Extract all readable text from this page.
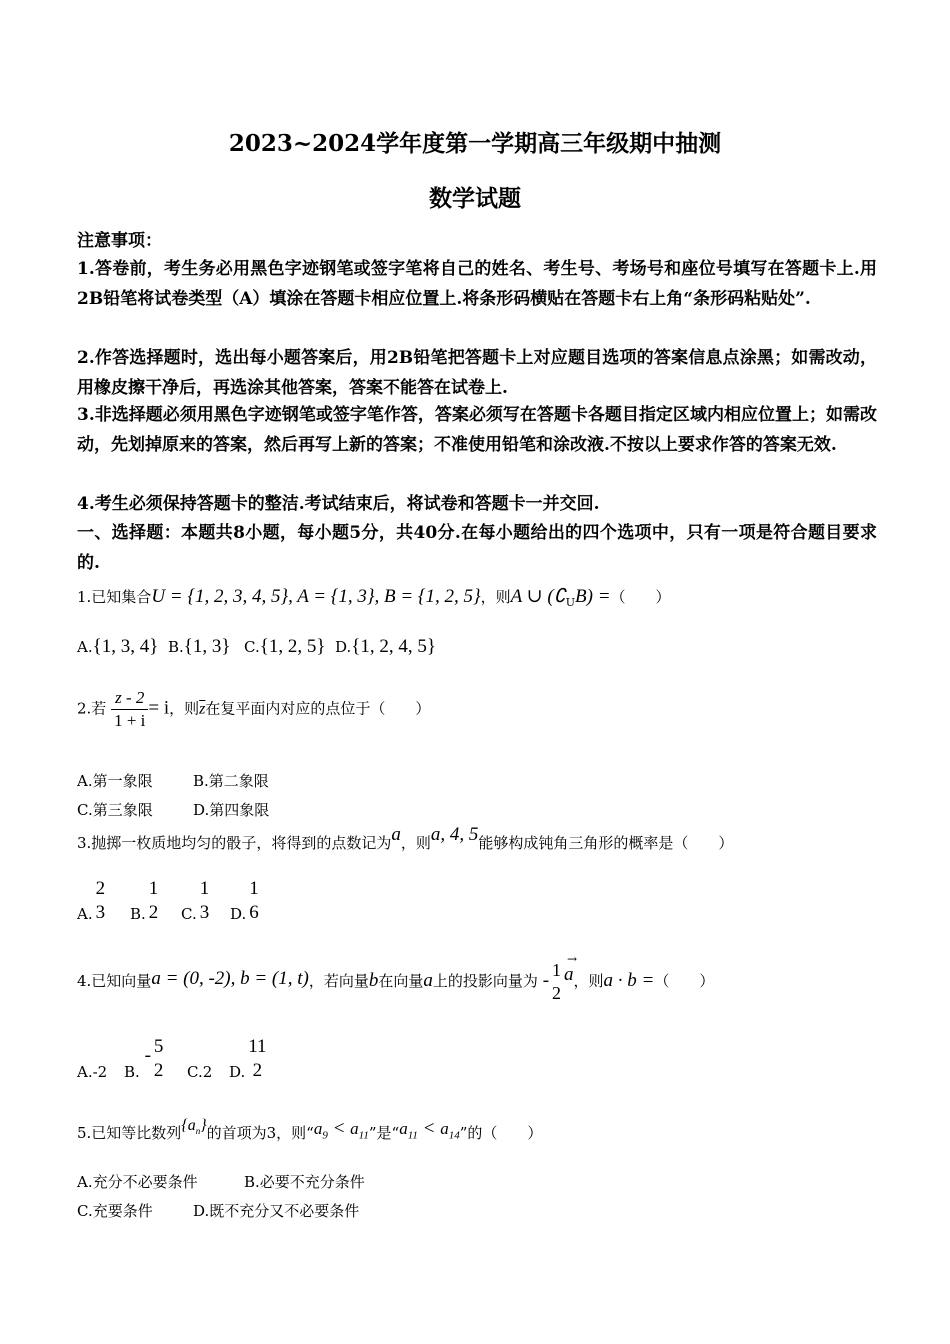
2023~2024学年度第一学期高三年级期中抽测
数学试题
注意事项：
1.答卷前，考生务必用黑色字迹钢笔或签字笔将自己的姓名、考生号、考场号和座位号填写在答题卡上.用2B铅笔将试卷类型（A）填涂在答题卡相应位置上.将条形码横贴在答题卡右上角“条形码粘贴处”.
2.作答选择题时，选出每小题答案后，用2B铅笔把答题卡上对应题目选项的答案信息点涂黑；如需改动，用橡皮擦干净后，再选涂其他答案，答案不能答在试卷上.
3.非选择题必须用黑色字迹钢笔或签字笔作答，答案必须写在答题卡各题目指定区域内相应位置上；如需改动，先划掉原来的答案，然后再写上新的答案；不准使用铅笔和涂改液.不按以上要求作答的答案无效.
4.考生必须保持答题卡的整洁.考试结束后，将试卷和答题卡一并交回.
一、选择题：本题共8小题，每小题5分，共40分.在每小题给出的四个选项中，只有一项是符合题目要求的.
1.已知集合U = {1, 2, 3, 4, 5}, A = {1, 3}, B = {1, 2, 5}，则A ∪ $(∁_UB)$ =（　　）
A.{1, 3, 4} B.{1, 3} C.{1, 2, 5} D.{1, 2, 4, 5}
2.若 $\frac{z - 2}{1 + i} = i$，则$\overline{z}$在复平面内对应的点位于（　　）
A.第一象限	B.第二象限
C.第三象限	D.第四象限
3.抛掷一枚质地均匀的骰子，将得到的点数记为a，则a, 4, 5能够构成钝角三角形的概率是（　　）
A.
2
3 B.
1
2 C.
1
3 D.
1
6
4.已知向量a = (0, -2), b = (1, t)，若向量b在向量a上的投影向量为 - 1
2
→
a，则a · b =（　　）
A.-2 B. - 5
2 C.2 D.
11
2
5.已知等比数列$\{a_n\}$的首项为3，则“$a_9 < a_{11}$”是“$a_{11} < a_{14}$”的（　　）
A.充分不必要条件	B.必要不充分条件
C.充要条件	D.既不充分又不必要条件
